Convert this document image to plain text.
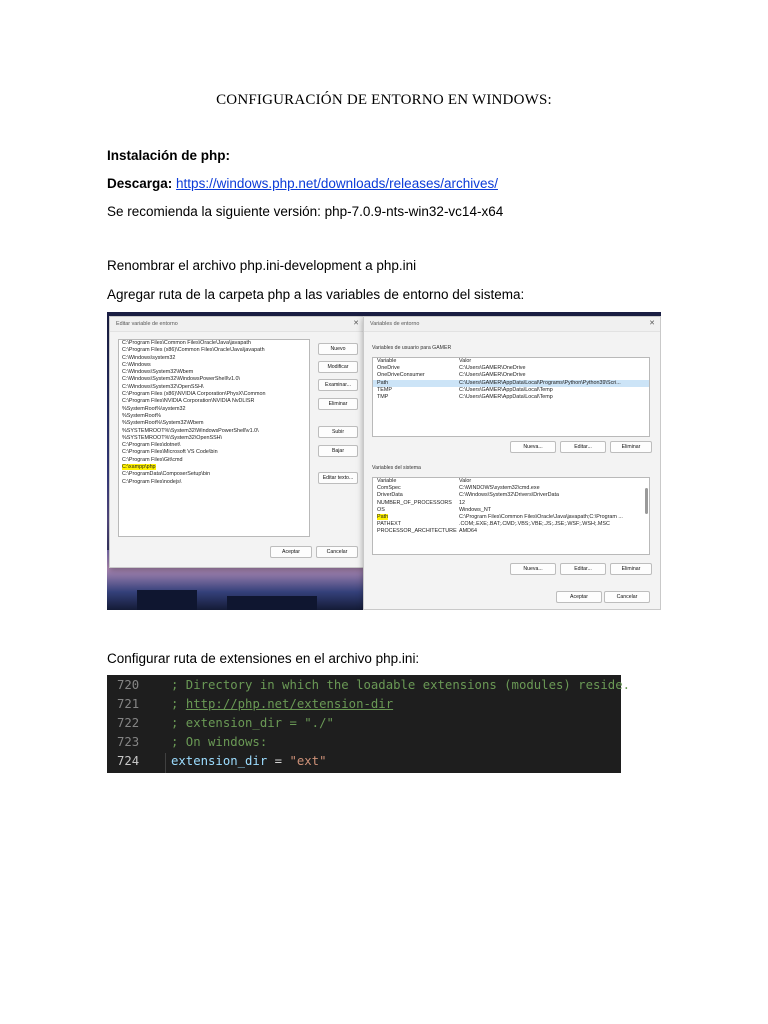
CONFIGURACIÓN DE ENTORNO EN WINDOWS:
Instalación de php:
Descarga: https://windows.php.net/downloads/releases/archives/
Se recomienda la siguiente versión: php-7.0.9-nts-win32-vc14-x64
Renombrar el archivo php.ini-development a php.ini
Agregar ruta de la carpeta php a las variables de entorno del sistema:
Editar variable de entorno	✕
C:\Program Files\Common Files\Oracle\Java\javapath
C:\Program Files (x86)\Common Files\Oracle\Java\javapath
C:\Windows\system32
C:\Windows
C:\Windows\System32\Wbem
C:\Windows\System32\WindowsPowerShell\v1.0\
C:\Windows\System32\OpenSSH\
C:\Program Files (x86)\NVIDIA Corporation\PhysX\Common
C:\Program Files\NVIDIA Corporation\NVIDIA NvDLISR
%SystemRoot%\system32
%SystemRoot%
%SystemRoot%\System32\Wbem
%SYSTEMROOT%\System32\WindowsPowerShell\v1.0\
%SYSTEMROOT%\System32\OpenSSH\
C:\Program Files\dotnet\
C:\Program Files\Microsoft VS Code\bin
C:\Program Files\Git\cmd
C:\xampp\php
C:\ProgramData\ComposerSetup\bin
C:\Program Files\nodejs\
Nuevo
Modificar
Examinar...
Eliminar
Subir
Bajar
Editar texto...
Aceptar	Cancelar
Variables de entorno	✕
Variables de usuario para GAMER
Variable	Valor
OneDrive	C:\Users\GAMER\OneDrive
OneDriveConsumer	C:\Users\GAMER\OneDrive
Path	C:\Users\GAMER\AppData\Local\Programs\Python\Python39\Scri...
TEMP	C:\Users\GAMER\AppData\Local\Temp
TMP	C:\Users\GAMER\AppData\Local\Temp
Nueva...	Editar...	Eliminar
Variables del sistema
Variable	Valor
ComSpec	C:\WINDOWS\system32\cmd.exe
DriverData	C:\Windows\System32\Drivers\DriverData
NUMBER_OF_PROCESSORS 12
OS	Windows_NT
Path	C:\Program Files\Common Files\Oracle\Java\javapath;C:\Program ...
PATHEXT	.COM;.EXE;.BAT;.CMD;.VBS;.VBE;.JS;.JSE;.WSF;.WSH;.MSC
PROCESSOR_ARCHITECTURE AMD64
Nueva...	Editar...	Eliminar
Aceptar	Cancelar
Configurar ruta de extensiones en el archivo php.ini:
720	; Directory in which the loadable extensions (modules) reside.
721	; http://php.net/extension-dir
722	; extension_dir = "./"
723	; On windows:
724	extension_dir = "ext"
